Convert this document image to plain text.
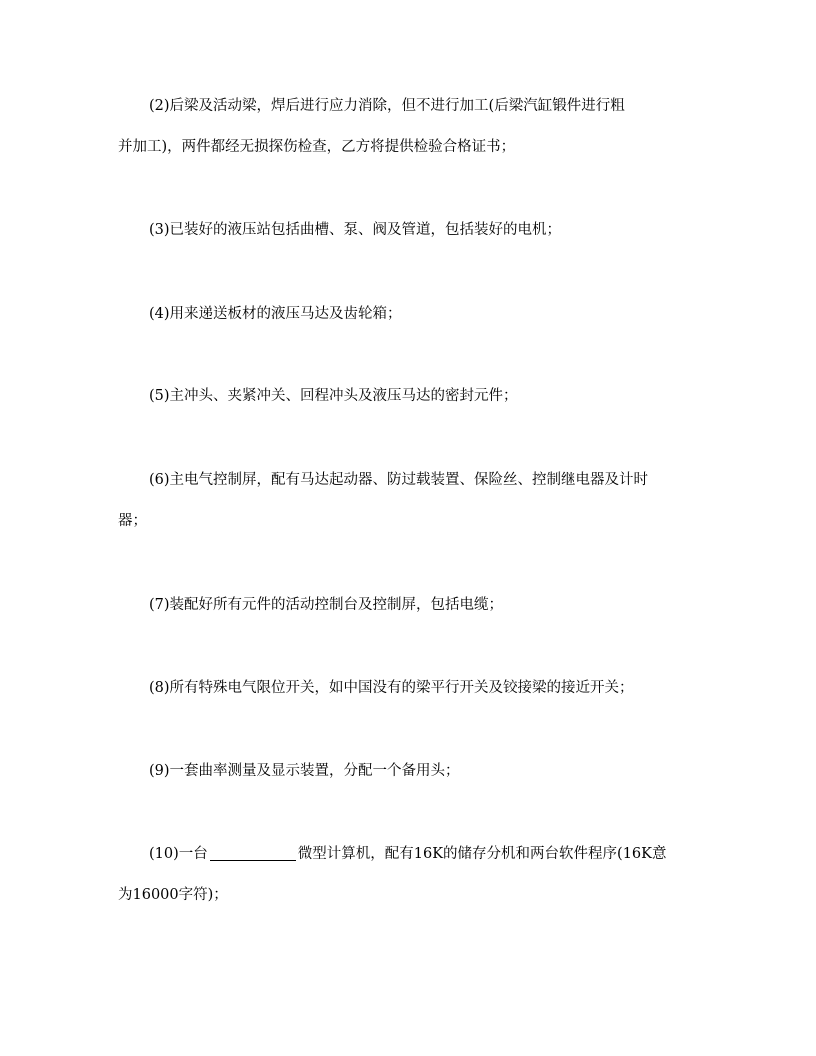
(2)后梁及活动梁，焊后进行应力消除，但不进行加工(后梁汽缸锻件进行粗
并加工)，两件都经无损探伤检查，乙方将提供检验合格证书；

(3)已装好的液压站包括曲槽、泵、阀及管道，包括装好的电机；

(4)用来递送板材的液压马达及齿轮箱；

(5)主冲头、夹紧冲关、回程冲头及液压马达的密封元件；

(6)主电气控制屏，配有马达起动器、防过载装置、保险丝、控制继电器及计时
器；

(7)装配好所有元件的活动控制台及控制屏，包括电缆；

(8)所有特殊电气限位开关，如中国没有的梁平行开关及铰接梁的接近开关；

(9)一套曲率测量及显示装置，分配一个备用头；

(10)一台	微型计算机，配有16K的储存分机和两台软件程序(16K意
为16000字符)；
